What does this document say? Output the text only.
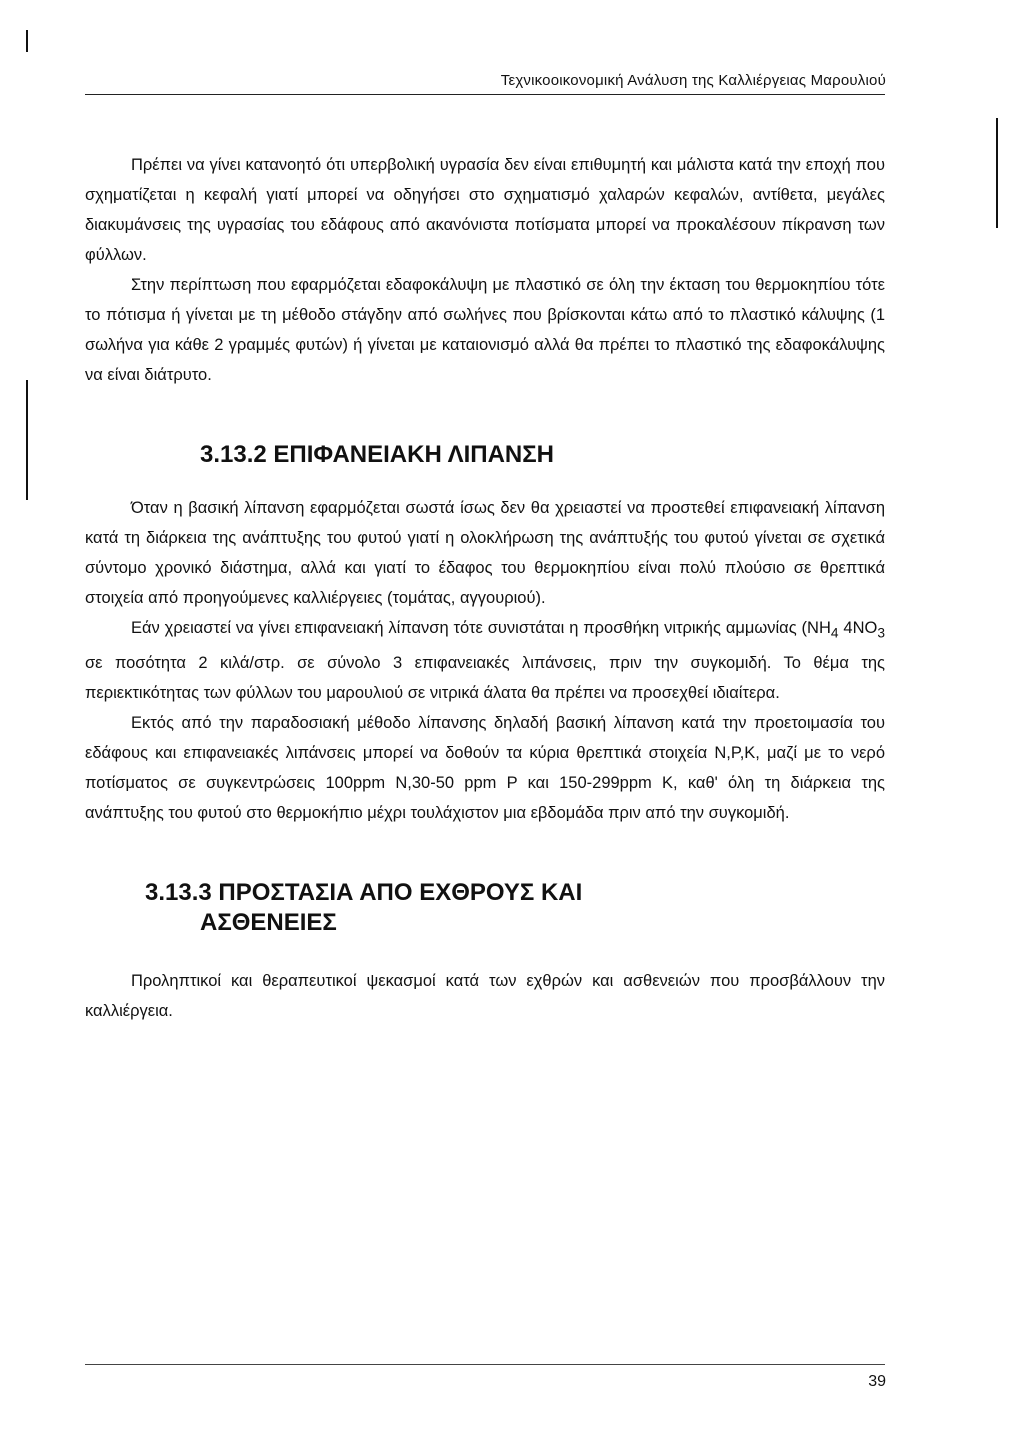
Τεχνικοοικονομική Ανάλυση της Καλλιέργειας Μαρουλιού

Πρέπει να γίνει κατανοητό ότι υπερβολική υγρασία δεν είναι επιθυμητή και μάλιστα κατά την εποχή που σχηματίζεται η κεφαλή γιατί μπορεί να οδηγήσει στο σχηματισμό χαλαρών κεφαλών, αντίθετα, μεγάλες διακυμάνσεις της υγρασίας του εδάφους από ακανόνιστα ποτίσματα μπορεί να προκαλέσουν πίκρανση των φύλλων.

Στην περίπτωση που εφαρμόζεται εδαφοκάλυψη με πλαστικό σε όλη την έκταση του θερμοκηπίου τότε το πότισμα ή γίνεται με τη μέθοδο στάγδην από σωλήνες που βρίσκονται κάτω από το πλαστικό κάλυψης (1 σωλήνα για κάθε 2 γραμμές φυτών) ή γίνεται με καταιονισμό αλλά θα πρέπει το πλαστικό της εδαφοκάλυψης να είναι διάτρυτο.

3.13.2 ΕΠΙΦΑΝΕΙΑΚΗ ΛΙΠΑΝΣΗ

Όταν η βασική λίπανση εφαρμόζεται σωστά ίσως δεν θα χρειαστεί να προστεθεί επιφανειακή λίπανση κατά τη διάρκεια της ανάπτυξης του φυτού γιατί η ολοκλήρωση της ανάπτυξής του φυτού γίνεται σε σχετικά σύντομο χρονικό διάστημα, αλλά και γιατί το έδαφος του θερμοκηπίου είναι πολύ πλούσιο σε θρεπτικά στοιχεία από προηγούμενες καλλιέργειες (τομάτας, αγγουριού).

Εάν χρειαστεί να γίνει επιφανειακή λίπανση τότε συνιστάται η προσθήκη νιτρικής αμμωνίας ($NH_4$ $4NO_3$ σε ποσότητα 2 κιλά/στρ. σε σύνολο 3 επιφανειακές λιπάνσεις, πριν την συγκομιδή. Το θέμα της περιεκτικότητας των φύλλων του μαρουλιού σε νιτρικά άλατα θα πρέπει να προσεχθεί ιδιαίτερα.

Εκτός από την παραδοσιακή μέθοδο λίπανσης δηλαδή βασική λίπανση κατά την προετοιμασία του εδάφους και επιφανειακές λιπάνσεις μπορεί να δοθούν τα κύρια θρεπτικά στοιχεία N,P,K, μαζί με το νερό ποτίσματος σε συγκεντρώσεις 100ppm N,30-50 ppm P και 150-299ppm K, καθ' όλη τη διάρκεια της ανάπτυξης του φυτού στο θερμοκήπιο μέχρι τουλάχιστον μια εβδομάδα πριν από την συγκομιδή.

3.13.3 ΠΡΟΣΤΑΣΙΑ ΑΠΟ ΕΧΘΡΟΥΣ ΚΑΙ
ΑΣΘΕΝΕΙΕΣ

Προληπτικοί και θεραπευτικοί ψεκασμοί κατά των εχθρών και ασθενειών που προσβάλλουν την καλλιέργεια.

39
